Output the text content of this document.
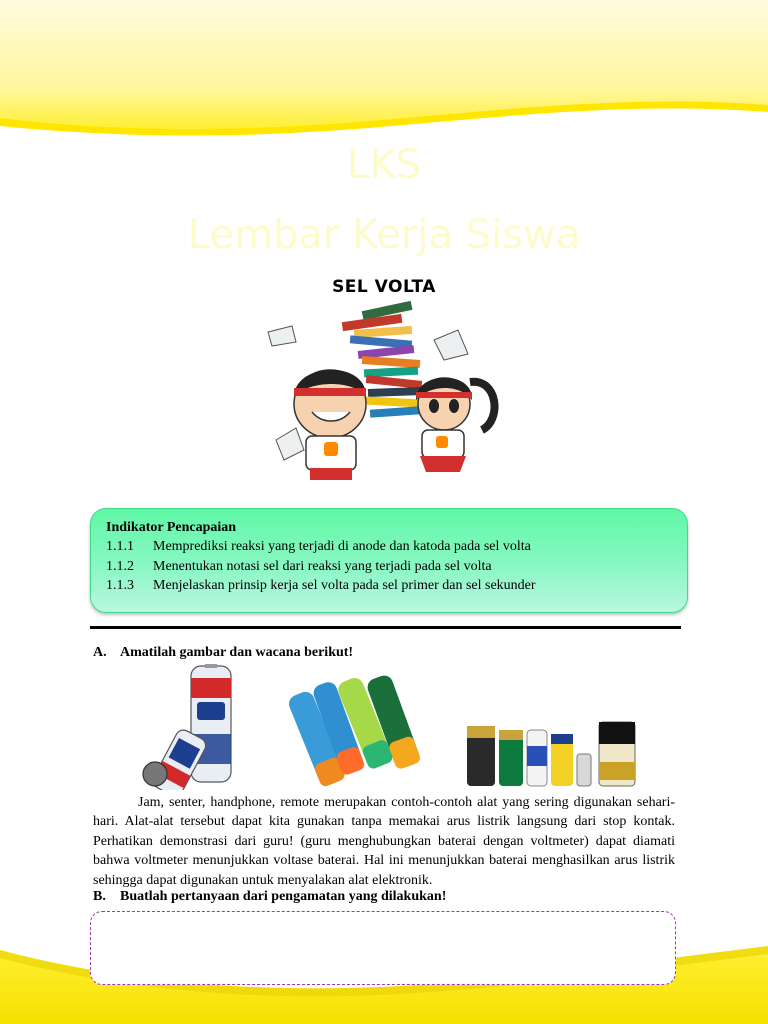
LKS
Lembar Kerja Siswa
SEL VOLTA
Indikator Pencapaian
1.1.1	Memprediksi reaksi yang terjadi di anode dan katoda pada sel volta
1.1.2	Menentukan notasi sel dari reaksi yang terjadi pada sel volta
1.1.3	Menjelaskan prinsip kerja sel volta pada sel primer dan sel sekunder
A. Amatilah gambar dan wacana berikut!

Jam, senter, handphone, remote merupakan contoh-contoh alat yang sering digunakan sehari-hari. Alat-alat tersebut dapat kita gunakan tanpa memakai arus listrik langsung dari stop kontak. Perhatikan demonstrasi dari guru! (guru menghubungkan baterai dengan voltmeter) dapat diamati bahwa voltmeter menunjukkan voltase baterai. Hal ini menunjukkan baterai menghasilkan arus listrik sehingga dapat digunakan untuk menyalakan alat elektronik.

B. Buatlah pertanyaan dari pengamatan yang dilakukan!
